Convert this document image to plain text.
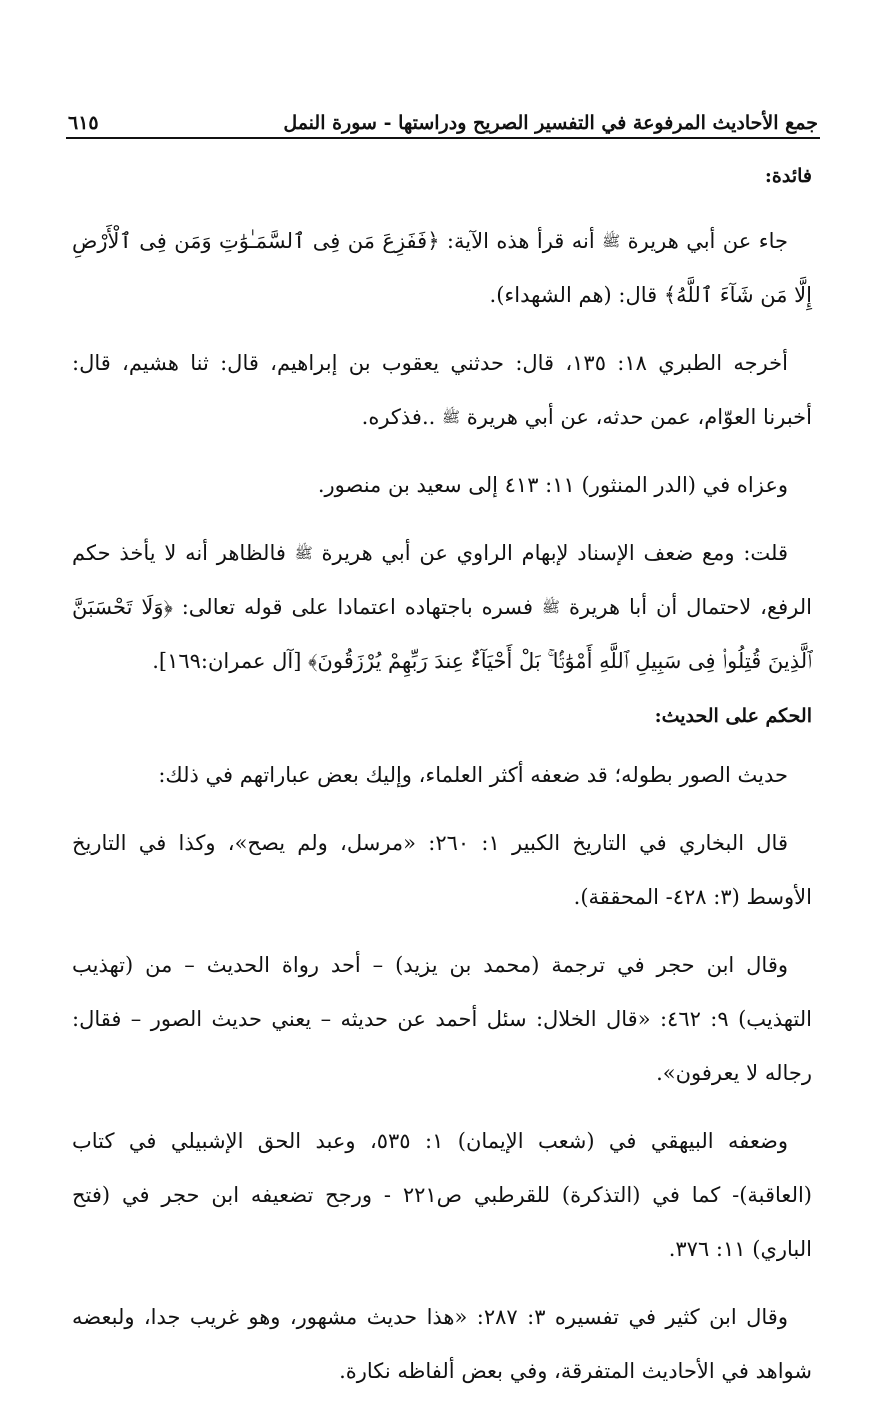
جمع الأحاديث المرفوعة في التفسير الصريح ودراستها - سورة النمل
٦١٥

فائدة:

جاء عن أبي هريرة ﷺ أنه قرأ هذه الآية: ﴿فَفَزِعَ مَن فِى ٱلسَّمَـٰوَٰتِ وَمَن فِى ٱلْأَرْضِ إِلَّا مَن شَآءَ ٱللَّهُ﴾ قال: (هم الشهداء).

أخرجه الطبري ١٨: ١٣٥، قال: حدثني يعقوب بن إبراهيم، قال: ثنا هشيم، قال: أخبرنا العوّام، عمن حدثه، عن أبي هريرة ﷺ ..فذكره.

وعزاه في (الدر المنثور) ١١: ٤١٣ إلى سعيد بن منصور.

قلت: ومع ضعف الإسناد لإبهام الراوي عن أبي هريرة ﷺ فالظاهر أنه لا يأخذ حكم الرفع، لاحتمال أن أبا هريرة ﷺ فسره باجتهاده اعتمادا على قوله تعالى: ﴿وَلَا تَحْسَبَنَّ ٱلَّذِينَ قُتِلُوا۟ فِى سَبِيلِ ٱللَّهِ أَمْوَٰتًۢا ۚ بَلْ أَحْيَآءٌ عِندَ رَبِّهِمْ يُرْزَقُونَ﴾ [آل عمران:١٦٩].

الحكم على الحديث:

حديث الصور بطوله؛ قد ضعفه أكثر العلماء، وإليك بعض عباراتهم في ذلك:

قال البخاري في التاريخ الكبير ١: ٢٦٠: «مرسل، ولم يصح»، وكذا في التاريخ الأوسط (٣: ٤٢٨- المحققة).

وقال ابن حجر في ترجمة (محمد بن يزيد) – أحد رواة الحديث – من (تهذيب التهذيب) ٩: ٤٦٢: «قال الخلال: سئل أحمد عن حديثه – يعني حديث الصور – فقال: رجاله لا يعرفون».

وضعفه البيهقي في (شعب الإيمان) ١: ٥٣٥، وعبد الحق الإشبيلي في كتاب (العاقبة)- كما في (التذكرة) للقرطبي ص٢٢١ - ورجح تضعيفه ابن حجر في (فتح الباري) ١١: ٣٧٦.

وقال ابن كثير في تفسيره ٣: ٢٨٧: «هذا حديث مشهور، وهو غريب جدا، ولبعضه شواهد في الأحاديث المتفرقة، وفي بعض ألفاظه نكارة.
